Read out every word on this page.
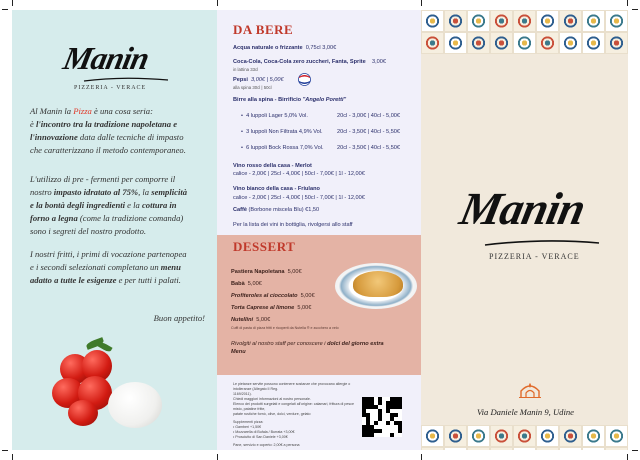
Manin
PIZZERIA - VERACE
Al Manin la Pizza è una cosa seria:
è l'incontro tra la tradizione napoletana e
l'innovazione data dalle tecniche di impasto
che caratterizzano il metodo contemporaneo.
L'utilizzo di pre - fermenti per comporre il
nostro impasto idratato al 75%, la semplicità
e la bontà degli ingredienti e la cottura in
forno a legna (come la tradizione comanda)
sono i segreti del nostro prodotto.
I nostri fritti, i primi di vocazione partenopea
e i secondi selezionati completano un menu
adatto a tutte le esigenze e per tutti i palati.
Buon appetito!
DA BERE
Acqua naturale o frizzante 0,75cl 3,00€
Coca-Cola, Coca-Cola zero zuccheri, Fanta, Sprite 3,00€
in lattina 33cl
Pepsi 3,00€ | 5,00€
alla spina 30cl | 50cl
Birre alla spina - Birrificio "Angelo Poretti"
•  4 luppoli Lager 5,0% Vol.	20cl - 3,00€ | 40cl - 5,00€
•  3 luppoli Non Filtrata 4,9% Vol.	20cl - 3,50€ | 40cl - 5,50€
•  6 luppoli Bock Rossa 7,0% Vol. 20cl - 3,50€ | 40cl - 5,50€
Vino rosso della casa - Merlot
calice - 2,00€ | 25cl - 4,00€ | 50cl - 7,00€ | 1l - 12,00€
Vino bianco della casa - Friulano
calice - 2,00€ | 25cl - 4,00€ | 50cl - 7,00€ | 1l - 12,00€
Caffè (Borbone miscela Blu) €1,50
Per la lista dei vini in bottiglia, rivolgersi allo staff
DESSERT
Pastiera Napoletana 5,00€
Babà 5,00€
Profiteroles al cioccolato 5,00€
Torta Caprese al limone 5,00€
Nutellini 5,00€
Cuffi di pasta di pizza fritti e ricoperti da Nutella ® e zucchero a velo
Rivolgiti al nostro staff per conoscere i dolci del giorno extra
Menu
Le pietanze servite possono contenere sostanze che provocano allergie o intolleranze (Allegato II Reg.
1169/2011).
Chiedi maggiori informazioni al nostro personale.
Elenco dei prodotti surgelati e congelati all'origine: calamari, frittura di pesce misto, patatine fritte,
patate rustiche fornò, olive, dolci, verdure, gelato
Supplementi pizza:
• Gamberi +1,50€
• Mozzarella di Bufala / Burrata +3,00€
• Prosciutto di San Daniele +3,00€
Pane, servizio e coperto: 2,00€ a persona
Manin
PIZZERIA - VERACE
Via Daniele Manin 9, Udine
